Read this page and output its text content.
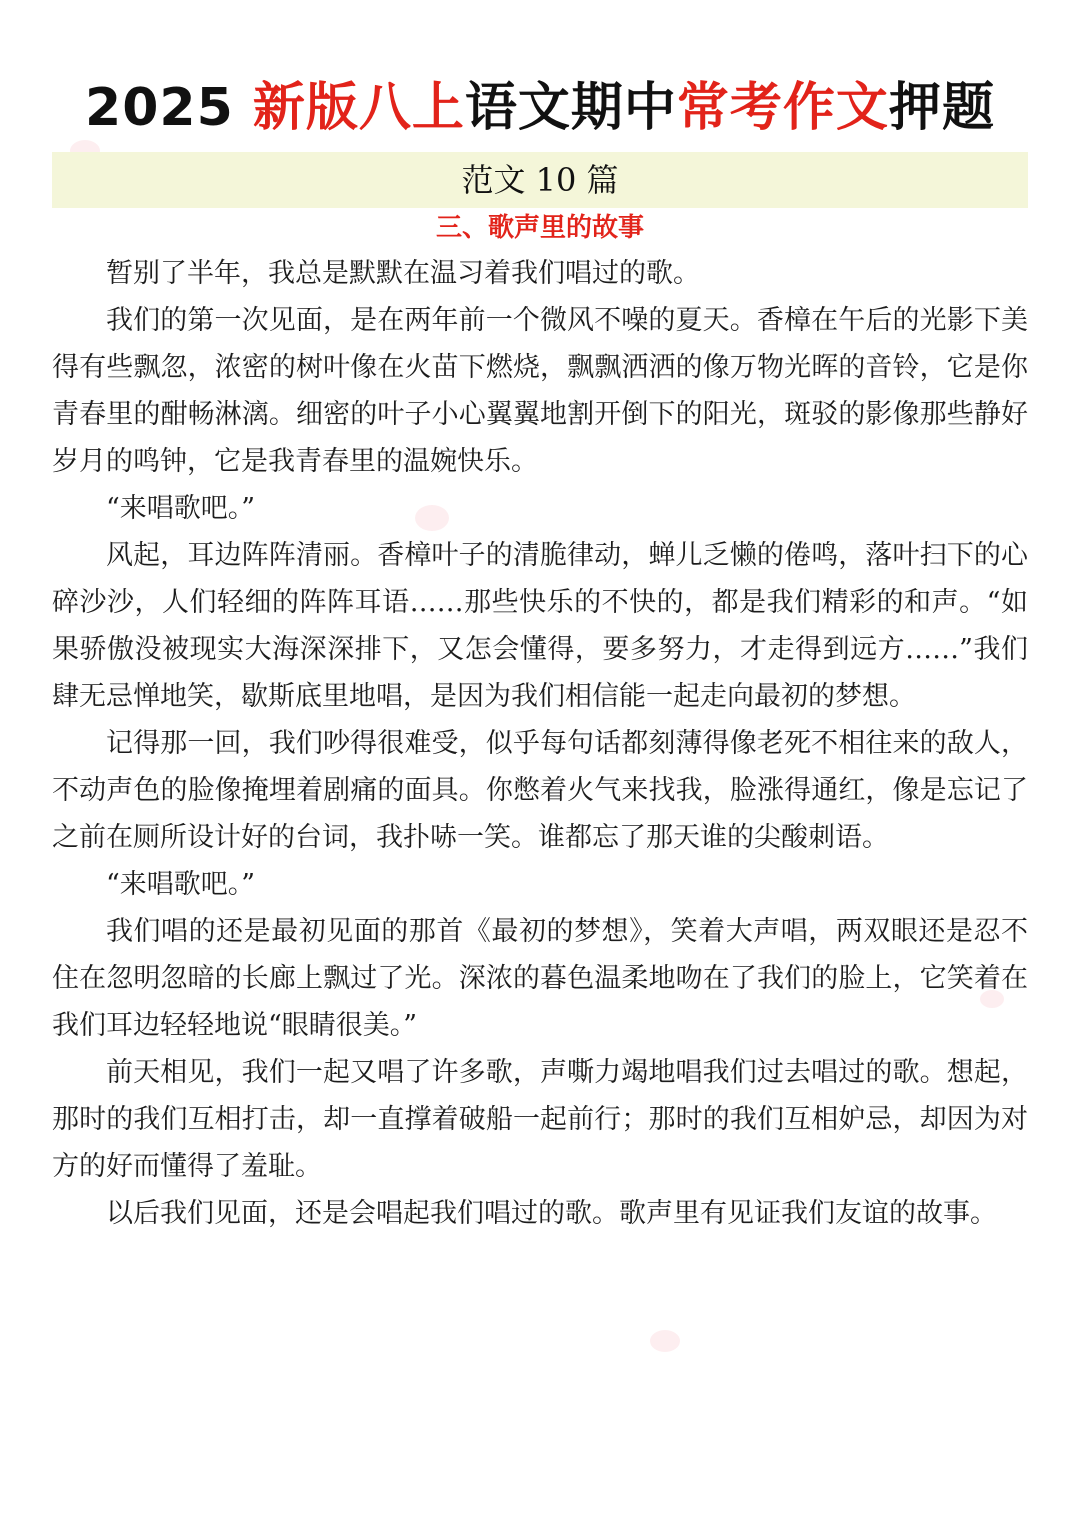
2025 新版八上语文期中常考作文押题
范文 10 篇
三、歌声里的故事

暂别了半年，我总是默默在温习着我们唱过的歌。

我们的第一次见面，是在两年前一个微风不噪的夏天。香樟在午后的光影下美得有些飘忽，浓密的树叶像在火苗下燃烧，飘飘洒洒的像万物光晖的音铃，它是你青春里的酣畅淋漓。细密的叶子小心翼翼地割开倒下的阳光，斑驳的影像那些静好岁月的鸣钟，它是我青春里的温婉快乐。

“来唱歌吧。”

风起，耳边阵阵清丽。香樟叶子的清脆律动，蝉儿乏懒的倦鸣，落叶扫下的心碎沙沙，人们轻细的阵阵耳语……那些快乐的不快的，都是我们精彩的和声。“如果骄傲没被现实大海深深排下，又怎会懂得，要多努力，才走得到远方……”我们肆无忌惮地笑，歇斯底里地唱，是因为我们相信能一起走向最初的梦想。

记得那一回，我们吵得很难受，似乎每句话都刻薄得像老死不相往来的敌人，不动声色的脸像掩埋着剧痛的面具。你憋着火气来找我，脸涨得通红，像是忘记了之前在厕所设计好的台词，我扑哧一笑。谁都忘了那天谁的尖酸刺语。

“来唱歌吧。”

我们唱的还是最初见面的那首《最初的梦想》，笑着大声唱，两双眼还是忍不住在忽明忽暗的长廊上飘过了光。深浓的暮色温柔地吻在了我们的脸上，它笑着在我们耳边轻轻地说“眼睛很美。”

前天相见，我们一起又唱了许多歌，声嘶力竭地唱我们过去唱过的歌。想起，那时的我们互相打击，却一直撑着破船一起前行；那时的我们互相妒忌，却因为对方的好而懂得了羞耻。

以后我们见面，还是会唱起我们唱过的歌。歌声里有见证我们友谊的故事。
